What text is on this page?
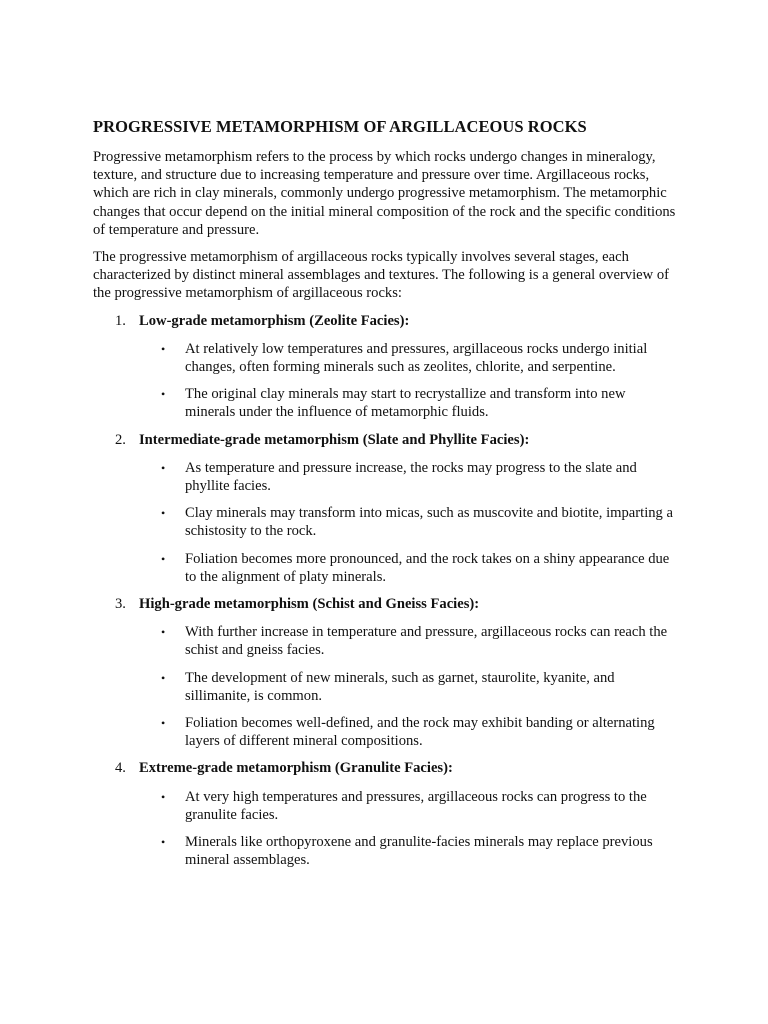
PROGRESSIVE METAMORPHISM OF ARGILLACEOUS ROCKS

Progressive metamorphism refers to the process by which rocks undergo changes in mineralogy, texture, and structure due to increasing temperature and pressure over time. Argillaceous rocks, which are rich in clay minerals, commonly undergo progressive metamorphism. The metamorphic changes that occur depend on the initial mineral composition of the rock and the specific conditions of temperature and pressure.

The progressive metamorphism of argillaceous rocks typically involves several stages, each characterized by distinct mineral assemblages and textures. The following is a general overview of the progressive metamorphism of argillaceous rocks:

1. Low-grade metamorphism (Zeolite Facies):
• At relatively low temperatures and pressures, argillaceous rocks undergo initial changes, often forming minerals such as zeolites, chlorite, and serpentine.
• The original clay minerals may start to recrystallize and transform into new minerals under the influence of metamorphic fluids.
2. Intermediate-grade metamorphism (Slate and Phyllite Facies):
• As temperature and pressure increase, the rocks may progress to the slate and phyllite facies.
• Clay minerals may transform into micas, such as muscovite and biotite, imparting a schistosity to the rock.
• Foliation becomes more pronounced, and the rock takes on a shiny appearance due to the alignment of platy minerals.
3. High-grade metamorphism (Schist and Gneiss Facies):
• With further increase in temperature and pressure, argillaceous rocks can reach the schist and gneiss facies.
• The development of new minerals, such as garnet, staurolite, kyanite, and sillimanite, is common.
• Foliation becomes well-defined, and the rock may exhibit banding or alternating layers of different mineral compositions.
4. Extreme-grade metamorphism (Granulite Facies):
• At very high temperatures and pressures, argillaceous rocks can progress to the granulite facies.
• Minerals like orthopyroxene and granulite-facies minerals may replace previous mineral assemblages.
